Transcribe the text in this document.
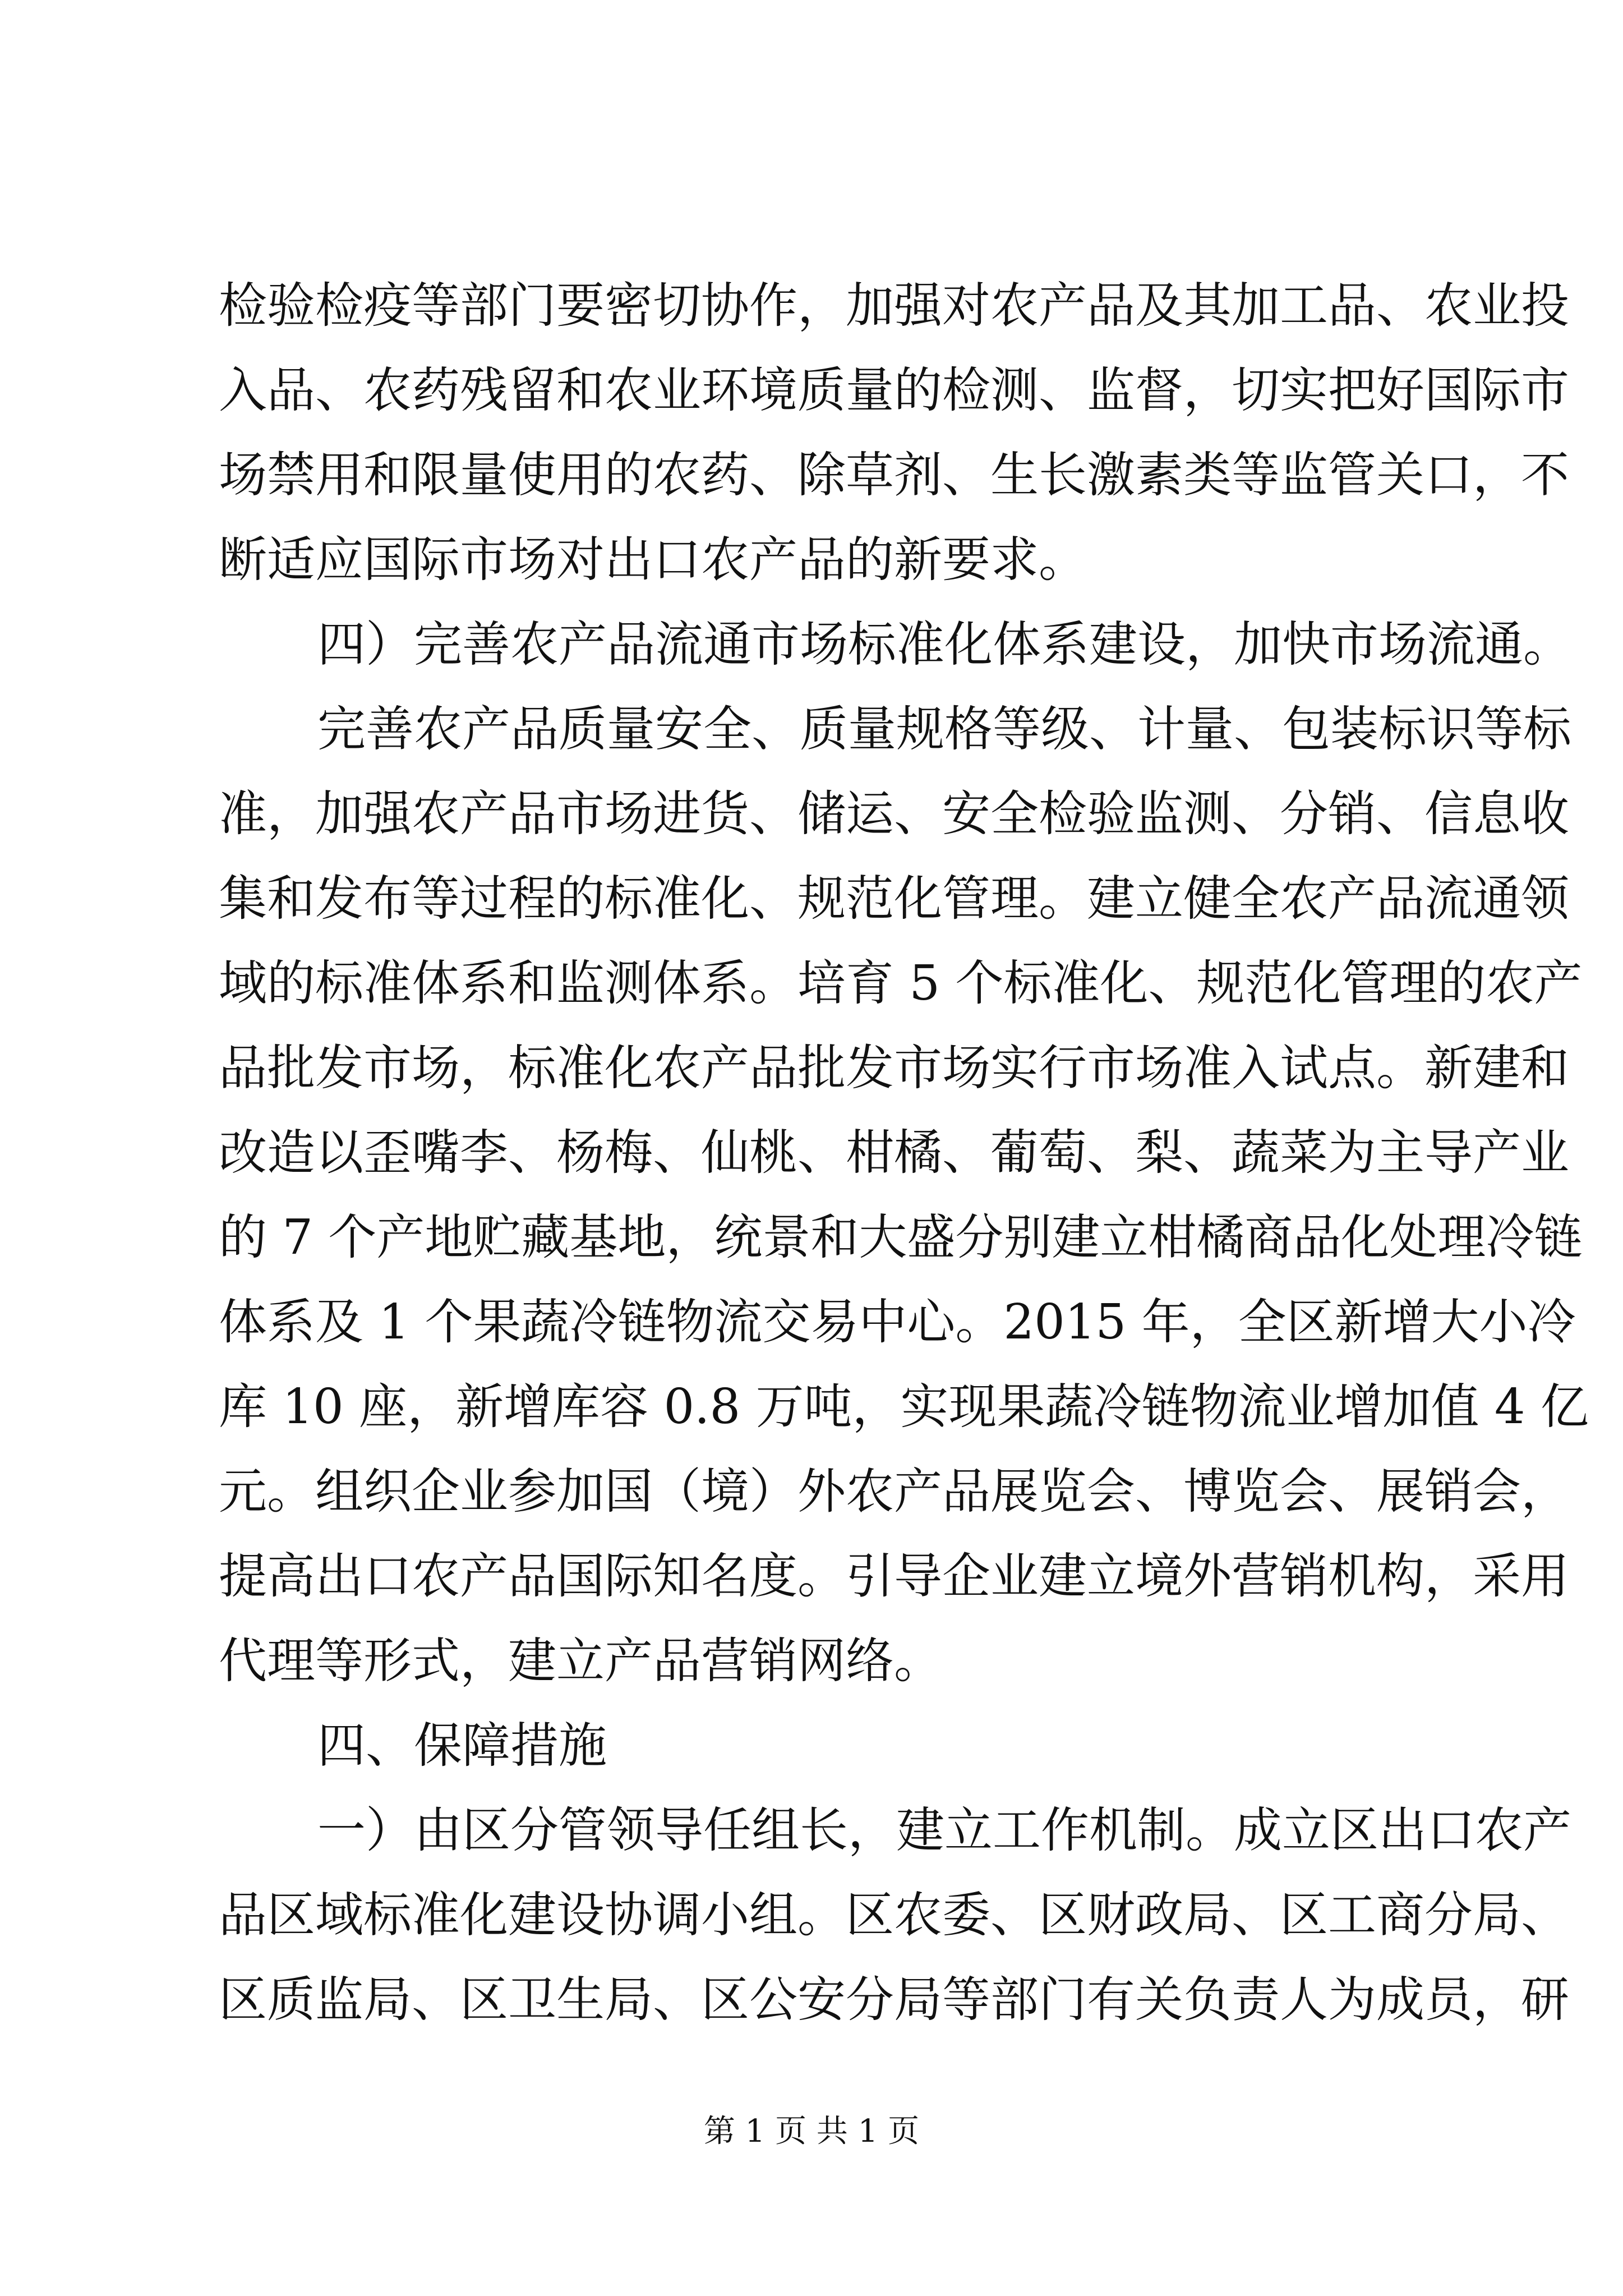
检验检疫等部门要密切协作，加强对农产品及其加工品、农业投
入品、农药残留和农业环境质量的检测、监督，切实把好国际市
场禁用和限量使用的农药、除草剂、生长激素类等监管关口，不
断适应国际市场对出口农产品的新要求。
四）完善农产品流通市场标准化体系建设，加快市场流通。
完善农产品质量安全、质量规格等级、计量、包装标识等标
准，加强农产品市场进货、储运、安全检验监测、分销、信息收
集和发布等过程的标准化、规范化管理。建立健全农产品流通领
域的标准体系和监测体系。培育 5 个标准化、规范化管理的农产
品批发市场，标准化农产品批发市场实行市场准入试点。新建和
改造以歪嘴李、杨梅、仙桃、柑橘、葡萄、梨、蔬菜为主导产业
的 7 个产地贮藏基地，统景和大盛分别建立柑橘商品化处理冷链
体系及 1 个果蔬冷链物流交易中心。2015 年，全区新增大小冷
库 10 座，新增库容 0.8 万吨，实现果蔬冷链物流业增加值 4 亿
元。组织企业参加国（境）外农产品展览会、博览会、展销会，
提高出口农产品国际知名度。引导企业建立境外营销机构，采用
代理等形式，建立产品营销网络。
四、保障措施
一）由区分管领导任组长，建立工作机制。成立区出口农产
品区域标准化建设协调小组。区农委、区财政局、区工商分局、
区质监局、区卫生局、区公安分局等部门有关负责人为成员，研
第 1 页 共 1 页
